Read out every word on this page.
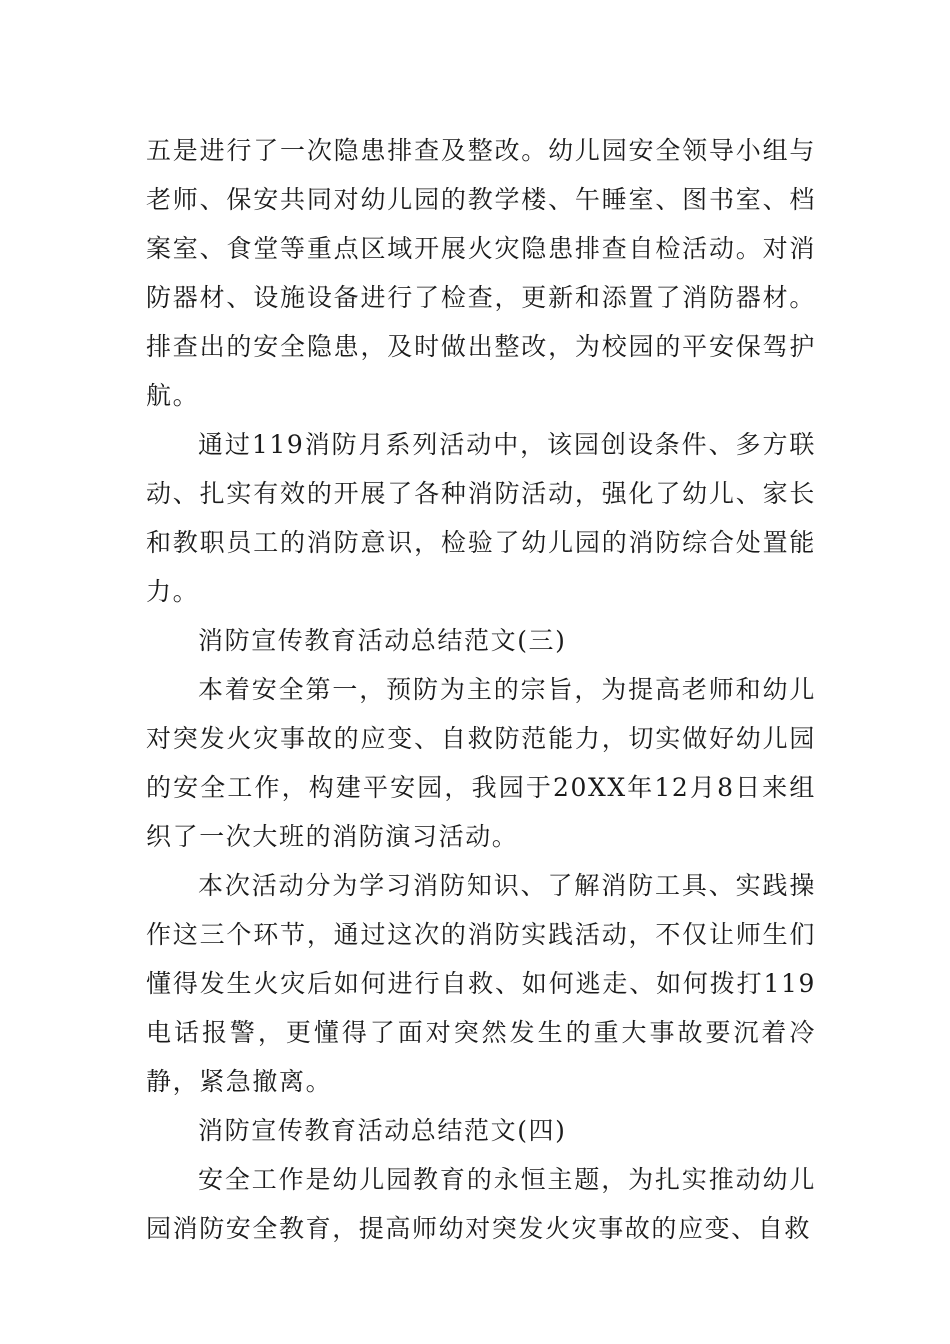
五是进行了一次隐患排查及整改。幼儿园安全领导小组与老师、保安共同对幼儿园的教学楼、午睡室、图书室、档案室、食堂等重点区域开展火灾隐患排查自检活动。对消防器材、设施设备进行了检查，更新和添置了消防器材。排查出的安全隐患，及时做出整改，为校园的平安保驾护航。

通过119消防月系列活动中，该园创设条件、多方联动、扎实有效的开展了各种消防活动，强化了幼儿、家长和教职员工的消防意识，检验了幼儿园的消防综合处置能力。

消防宣传教育活动总结范文(三)

本着安全第一，预防为主的宗旨，为提高老师和幼儿对突发火灾事故的应变、自救防范能力，切实做好幼儿园的安全工作，构建平安园，我园于20XX年12月8日来组织了一次大班的消防演习活动。

本次活动分为学习消防知识、了解消防工具、实践操作这三个环节，通过这次的消防实践活动，不仅让师生们懂得发生火灾后如何进行自救、如何逃走、如何拨打119电话报警，更懂得了面对突然发生的重大事故要沉着冷静，紧急撤离。

消防宣传教育活动总结范文(四)

安全工作是幼儿园教育的永恒主题，为扎实推动幼儿园消防安全教育，提高师幼对突发火灾事故的应变、自救
